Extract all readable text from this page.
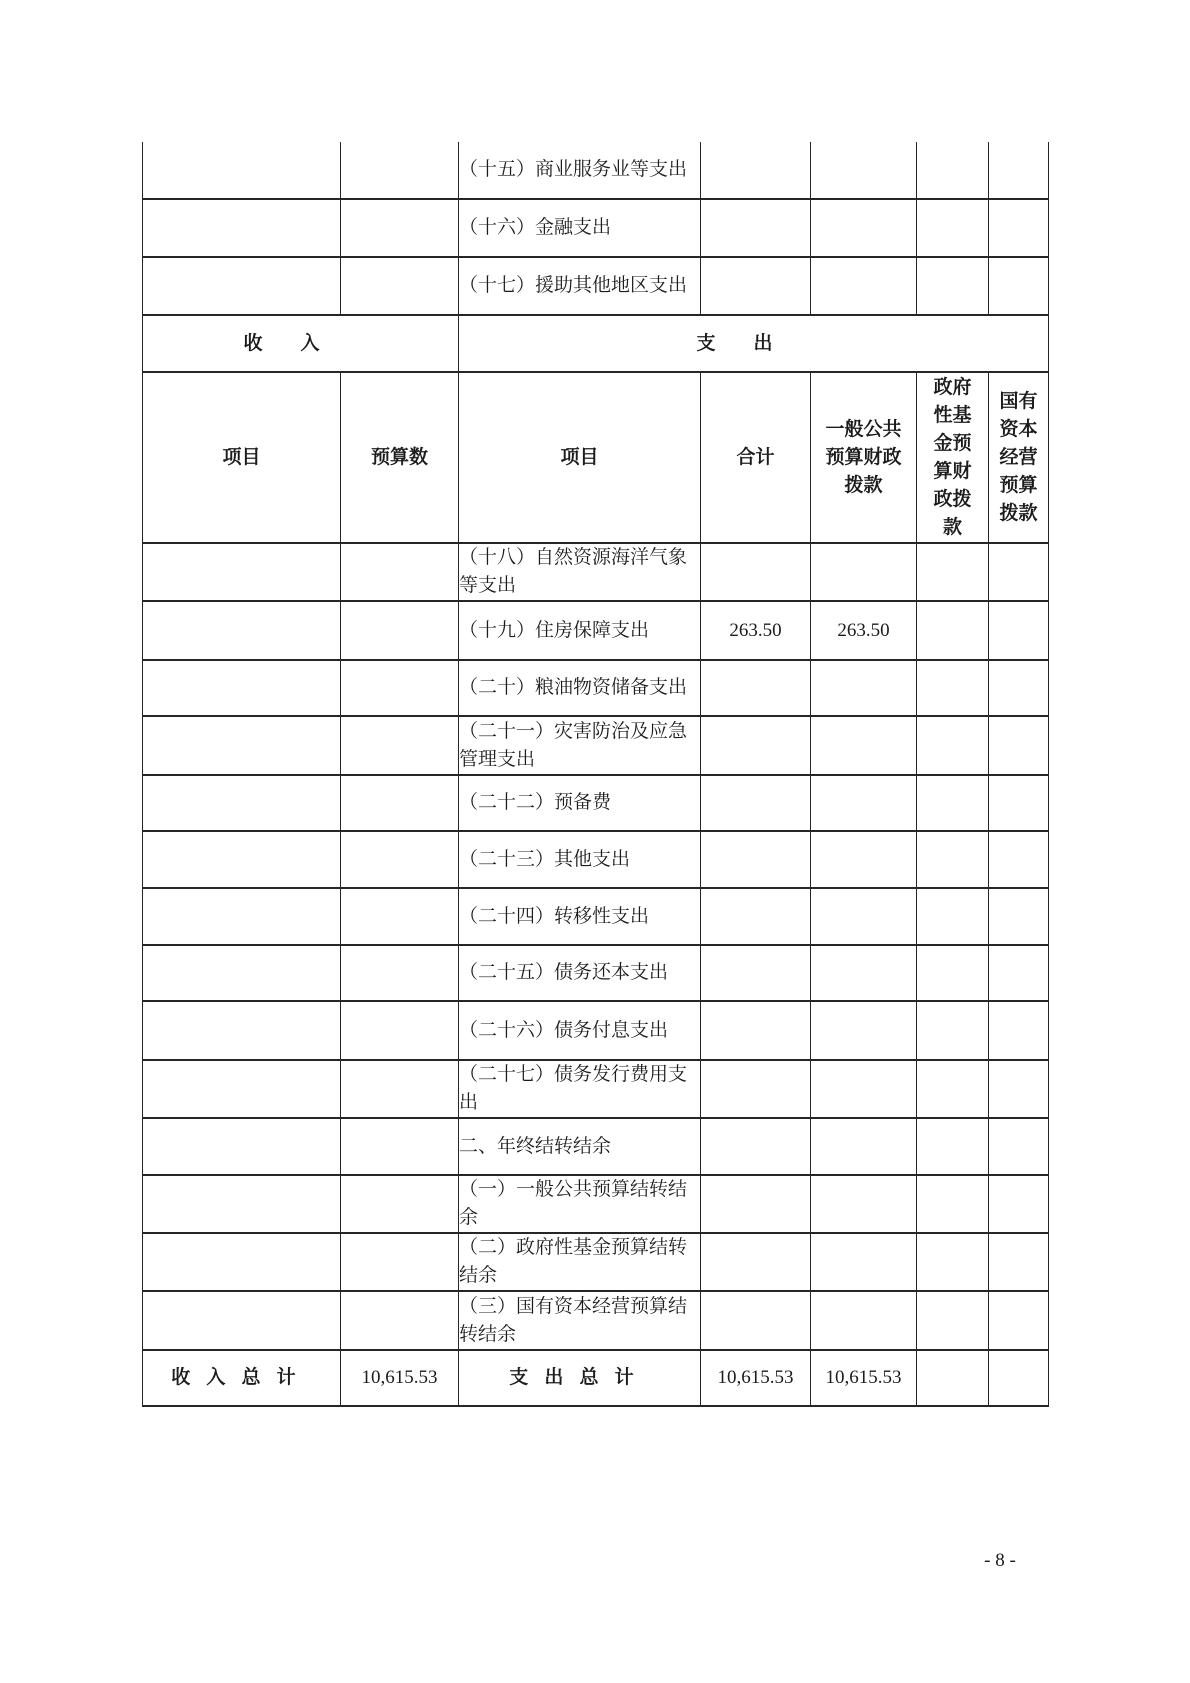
		（十五）商业服务业等支出				
		（十六）金融支出				
		（十七）援助其他地区支出				
收入		支出				
项目	预算数	项目	合计	一般公共预算财政拨款	政府性基金预算财政拨款	国有资本经营预算拨款
		（十八）自然资源海洋气象等支出				
		（十九）住房保障支出	263.50	263.50		
		（二十）粮油物资储备支出				
		（二十一）灾害防治及应急管理支出				
		（二十二）预备费				
		（二十三）其他支出				
		（二十四）转移性支出				
		（二十五）债务还本支出				
		（二十六）债务付息支出				
		（二十七）债务发行费用支出				
		二、年终结转结余				
		（一）一般公共预算结转结余				
		（二）政府性基金预算结转结余				
		（三）国有资本经营预算结转结余				
收入总计	10,615.53	支出总计	10,615.53	10,615.53		
- 8 -
